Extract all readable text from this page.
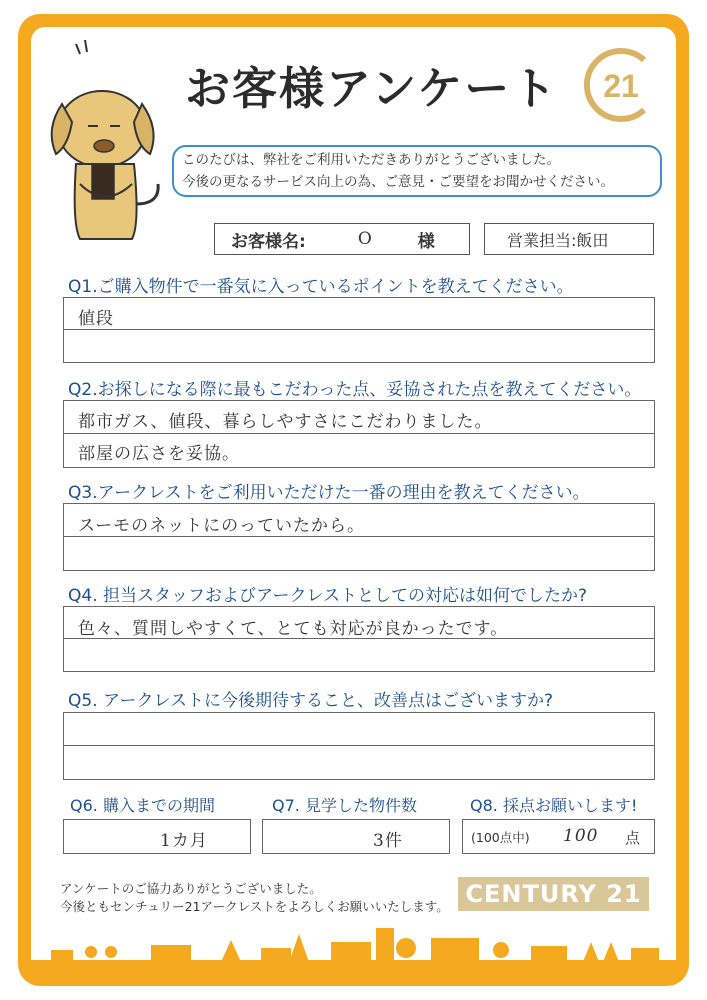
お客様アンケート 21
このたびは、弊社をご利用いただきありがとうございました。
今後の更なるサービス向上の為、ご意見・ご要望をお聞かせください。
お客様名:	O	様	営業担当: 飯田
Q1.ご購入物件で一番気に入っているポイントを教えてください。
値段
Q2.お探しになる際に最もこだわった点、妥協された点を教えてください。
都市ガス、値段、暮らしやすさにこだわりました。
部屋の広さを妥協。
Q3.アークレストをご利用いただけた一番の理由を教えてください。
スーモのネットにのっていたから。
Q4. 担当スタッフおよびアークレストとしての対応は如何でしたか?
色々、質問しやすくて、とても対応が良かったです。
Q5. アークレストに今後期待すること、改善点はございますか?
Q6. 購入までの期間	Q7. 見学した物件数	Q8. 採点お願いします!
1カ月	3件	(100点中) 100 点
アンケートのご協力ありがとうございました。
今後ともセンチュリー21アークレストをよろしくお願いいたします。 CENTURY 21
